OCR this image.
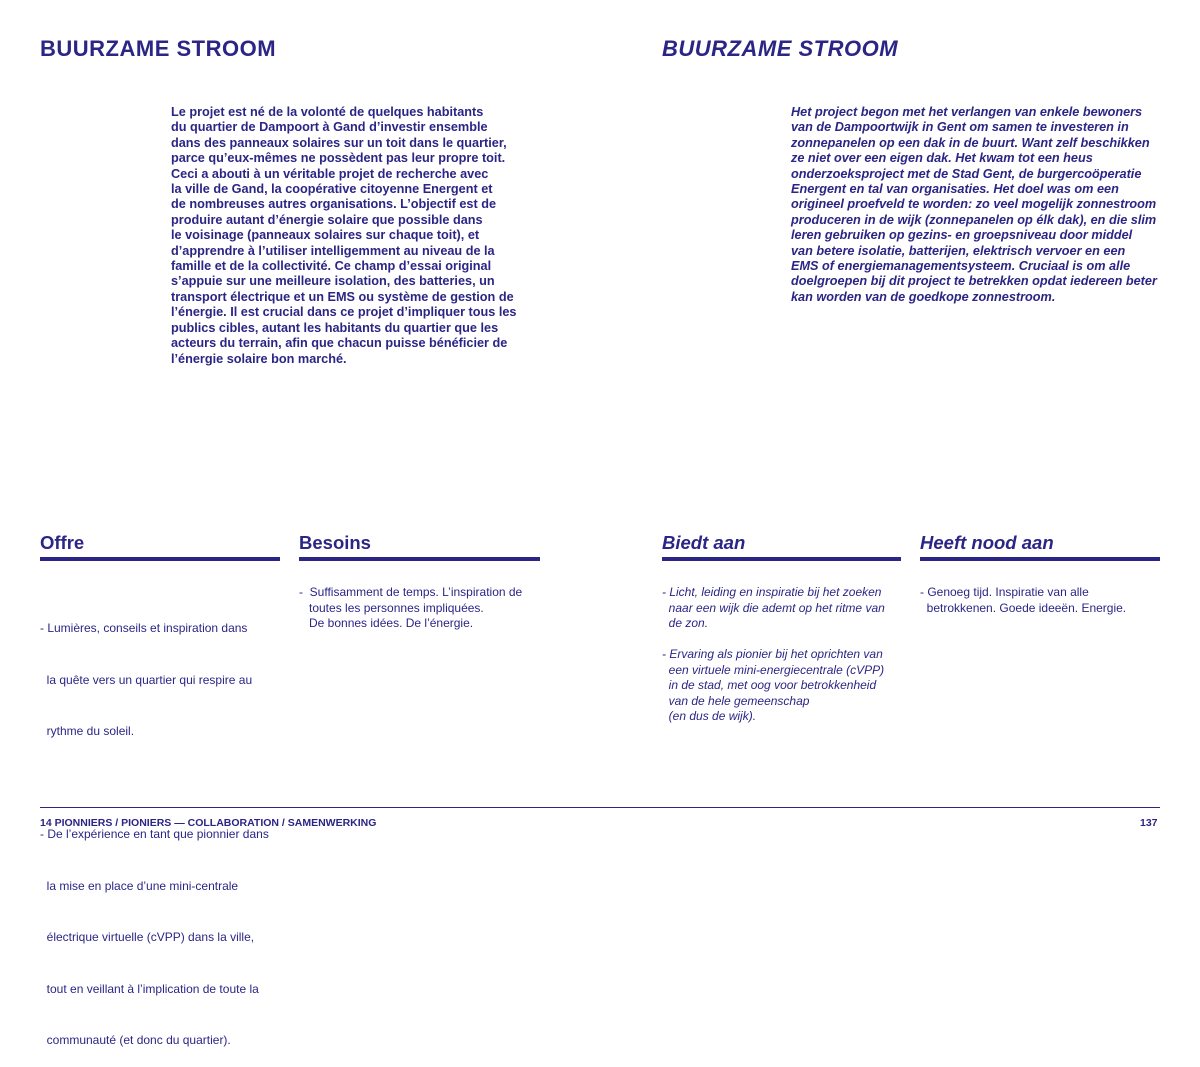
BUURZAME STROOM
Le projet est né de la volonté de quelques habitants
du quartier de Dampoort à Gand d’investir ensemble
dans des panneaux solaires sur un toit dans le quartier,
parce qu’eux-mêmes ne possèdent pas leur propre toit.
Ceci a abouti à un véritable projet de recherche avec
la ville de Gand, la coopérative citoyenne Energent et
de nombreuses autres organisations. L’objectif est de
produire autant d’énergie solaire que possible dans
le voisinage (panneaux solaires sur chaque toit), et
d’apprendre à l’utiliser intelligemment au niveau de la
famille et de la collectivité. Ce champ d’essai original
s’appuie sur une meilleure isolation, des batteries, un
transport électrique et un EMS ou système de gestion de
l’énergie. Il est crucial dans ce projet d’impliquer tous les
publics cibles, autant les habitants du quartier que les
acteurs du terrain, afin que chacun puisse bénéficier de
l’énergie solaire bon marché.
Offre

- Lumières, conseils et inspiration dans

la quête vers un quartier qui respire au

rythme du soleil.

- De l’expérience en tant que pionnier dans

la mise en place d’une mini-centrale

électrique virtuelle (cVPP) dans la ville,

tout en veillant à l’implication de toute la

communauté (et donc du quartier).

Besoins
-  Suffisamment de temps. L’inspiration de
toutes les personnes impliquées.
De bonnes idées. De l’énergie.
BUURZAME STROOM
Het project begon met het verlangen van enkele bewoners
van de Dampoortwijk in Gent om samen te investeren in
zonnepanelen op een dak in de buurt. Want zelf beschikken
ze niet over een eigen dak. Het kwam tot een heus
onderzoeksproject met de Stad Gent, de burgercoöperatie
Energent en tal van organisaties. Het doel was om een
origineel proefveld te worden: zo veel mogelijk zonnestroom
produceren in de wijk (zonnepanelen op élk dak), en die slim
leren gebruiken op gezins- en groepsniveau door middel
van betere isolatie, batterijen, elektrisch vervoer en een
EMS of energiemanagementsysteem. Cruciaal is om alle
doelgroepen bij dit project te betrekken opdat iedereen beter
kan worden van de goedkope zonnestroom.
Biedt aan
- Licht, leiding en inspiratie bij het zoeken
naar een wijk die ademt op het ritme van
de zon.
- Ervaring als pionier bij het oprichten van
een virtuele mini-energiecentrale (cVPP)
in de stad, met oog voor betrokkenheid
van de hele gemeenschap
(en dus de wijk).
Heeft nood aan
- Genoeg tijd. Inspiratie van alle
betrokkenen. Goede ideeën. Energie.
14 PIONNIERS / PIONIERS — COLLABORATION / SAMENWERKING	137
